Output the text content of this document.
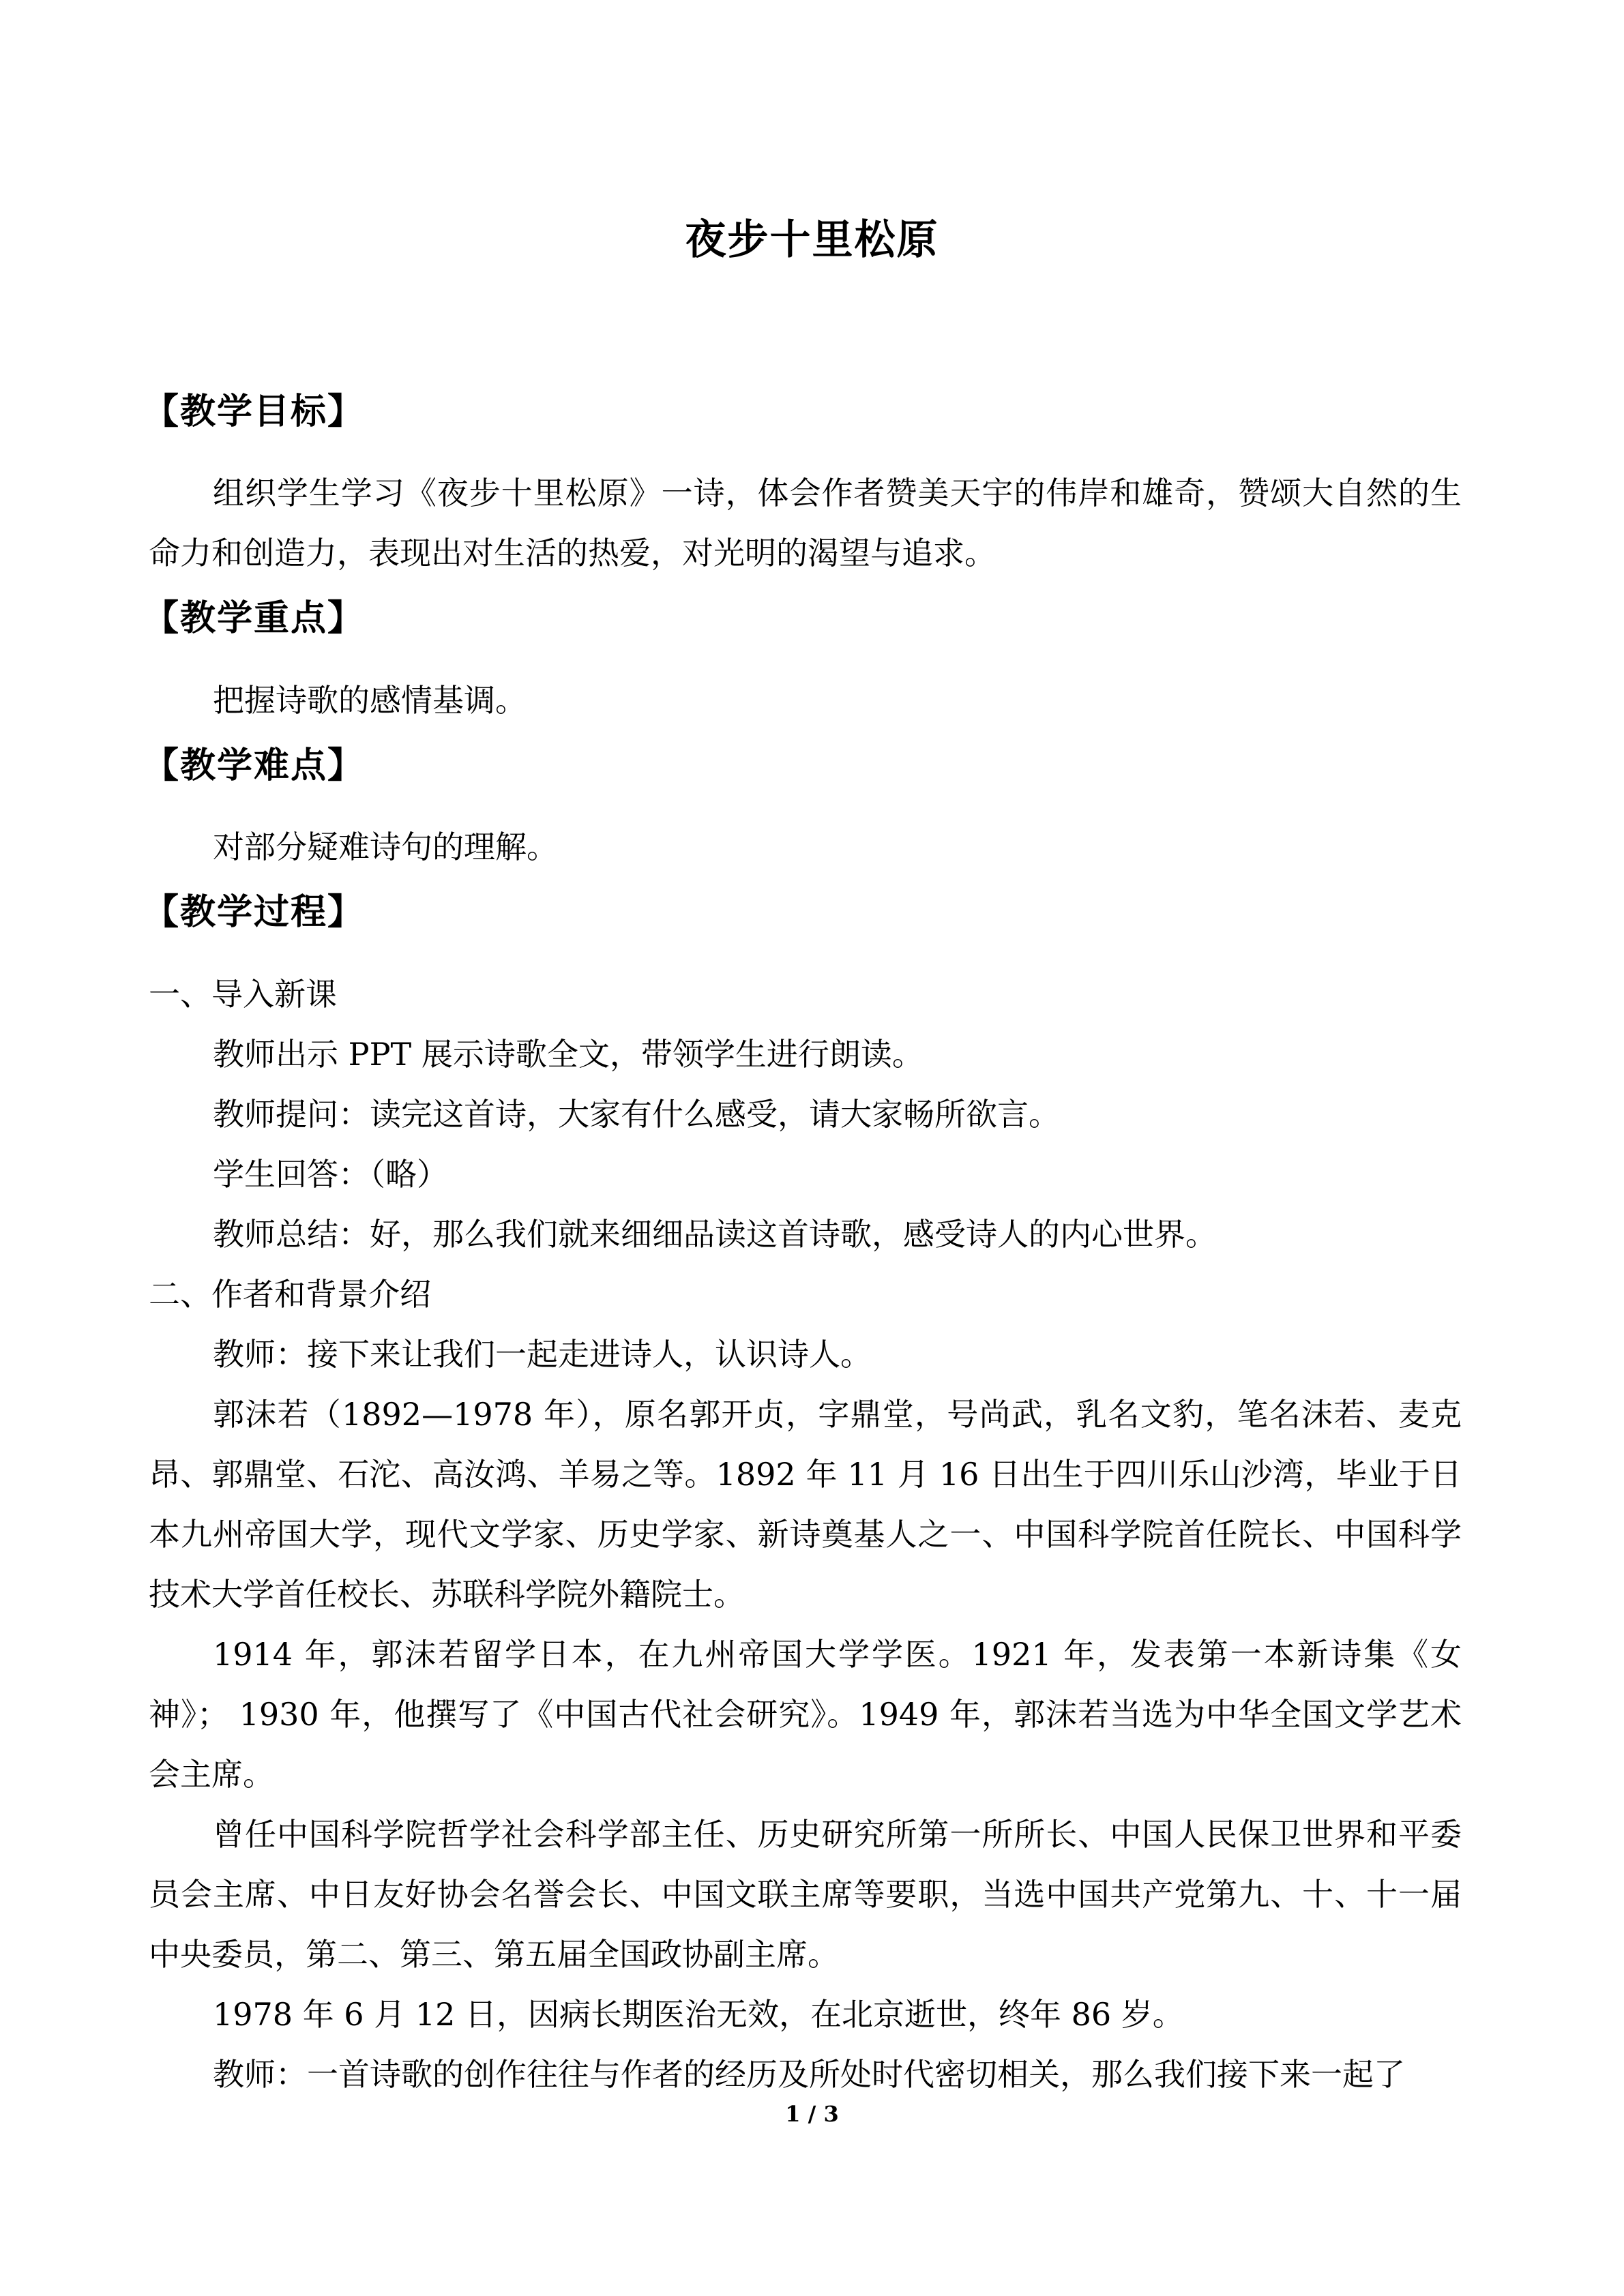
夜步十里松原
【教学目标】
组织学生学习《夜步十里松原》一诗，体会作者赞美天宇的伟岸和雄奇，赞颂大自然的生命力和创造力，表现出对生活的热爱，对光明的渴望与追求。
【教学重点】
把握诗歌的感情基调。
【教学难点】
对部分疑难诗句的理解。
【教学过程】
一、导入新课
教师出示 PPT 展示诗歌全文，带领学生进行朗读。
教师提问：读完这首诗，大家有什么感受，请大家畅所欲言。
学生回答：（略）
教师总结：好，那么我们就来细细品读这首诗歌，感受诗人的内心世界。
二、作者和背景介绍
教师：接下来让我们一起走进诗人，认识诗人。
郭沫若（1892—1978 年），原名郭开贞，字鼎堂，号尚武，乳名文豹，笔名沫若、麦克昂、郭鼎堂、石沱、高汝鸿、羊易之等。1892 年 11 月 16 日出生于四川乐山沙湾，毕业于日本九州帝国大学，现代文学家、历史学家、新诗奠基人之一、中国科学院首任院长、中国科学技术大学首任校长、苏联科学院外籍院士。
1914 年，郭沫若留学日本，在九州帝国大学学医。1921 年，发表第一本新诗集《女神》； 1930 年，他撰写了《中国古代社会研究》。1949 年，郭沫若当选为中华全国文学艺术会主席。
曾任中国科学院哲学社会科学部主任、历史研究所第一所所长、中国人民保卫世界和平委员会主席、中日友好协会名誉会长、中国文联主席等要职，当选中国共产党第九、十、十一届中央委员，第二、第三、第五届全国政协副主席。
1978 年 6 月 12 日，因病长期医治无效，在北京逝世，终年 86 岁。
教师：一首诗歌的创作往往与作者的经历及所处时代密切相关，那么我们接下来一起了
1 / 3
